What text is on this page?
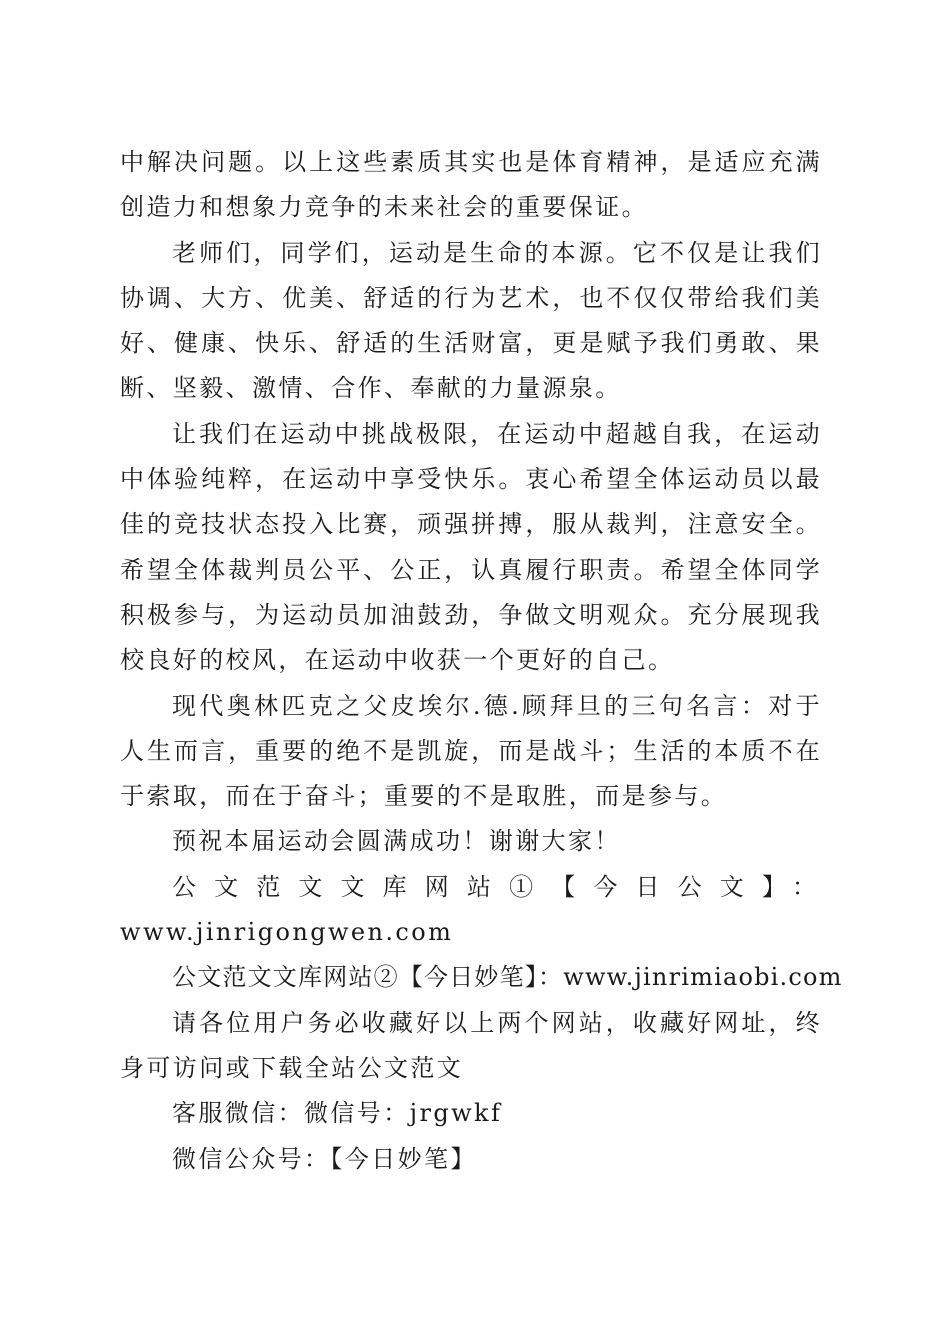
中解决问题。以上这些素质其实也是体育精神，是适应充满创造力和想象力竞争的未来社会的重要保证。

老师们，同学们，运动是生命的本源。它不仅是让我们协调、大方、优美、舒适的行为艺术，也不仅仅带给我们美好、健康、快乐、舒适的生活财富，更是赋予我们勇敢、果断、坚毅、激情、合作、奉献的力量源泉。

让我们在运动中挑战极限，在运动中超越自我，在运动中体验纯粹，在运动中享受快乐。衷心希望全体运动员以最佳的竞技状态投入比赛，顽强拼搏，服从裁判，注意安全。希望全体裁判员公平、公正，认真履行职责。希望全体同学积极参与，为运动员加油鼓劲，争做文明观众。充分展现我校良好的校风，在运动中收获一个更好的自己。

现代奥林匹克之父皮埃尔.德.顾拜旦的三句名言：对于人生而言，重要的绝不是凯旋，而是战斗；生活的本质不在于索取，而在于奋斗；重要的不是取胜，而是参与。

预祝本届运动会圆满成功！谢谢大家！

公文范文文库网站①【今日公文】：

www.jinrigongwen.com

公文范文文库网站②【今日妙笔】：www.jinrimiaobi.com

请各位用户务必收藏好以上两个网站，收藏好网址，终身可访问或下载全站公文范文

客服微信：微信号：jrgwkf

微信公众号：【今日妙笔】
